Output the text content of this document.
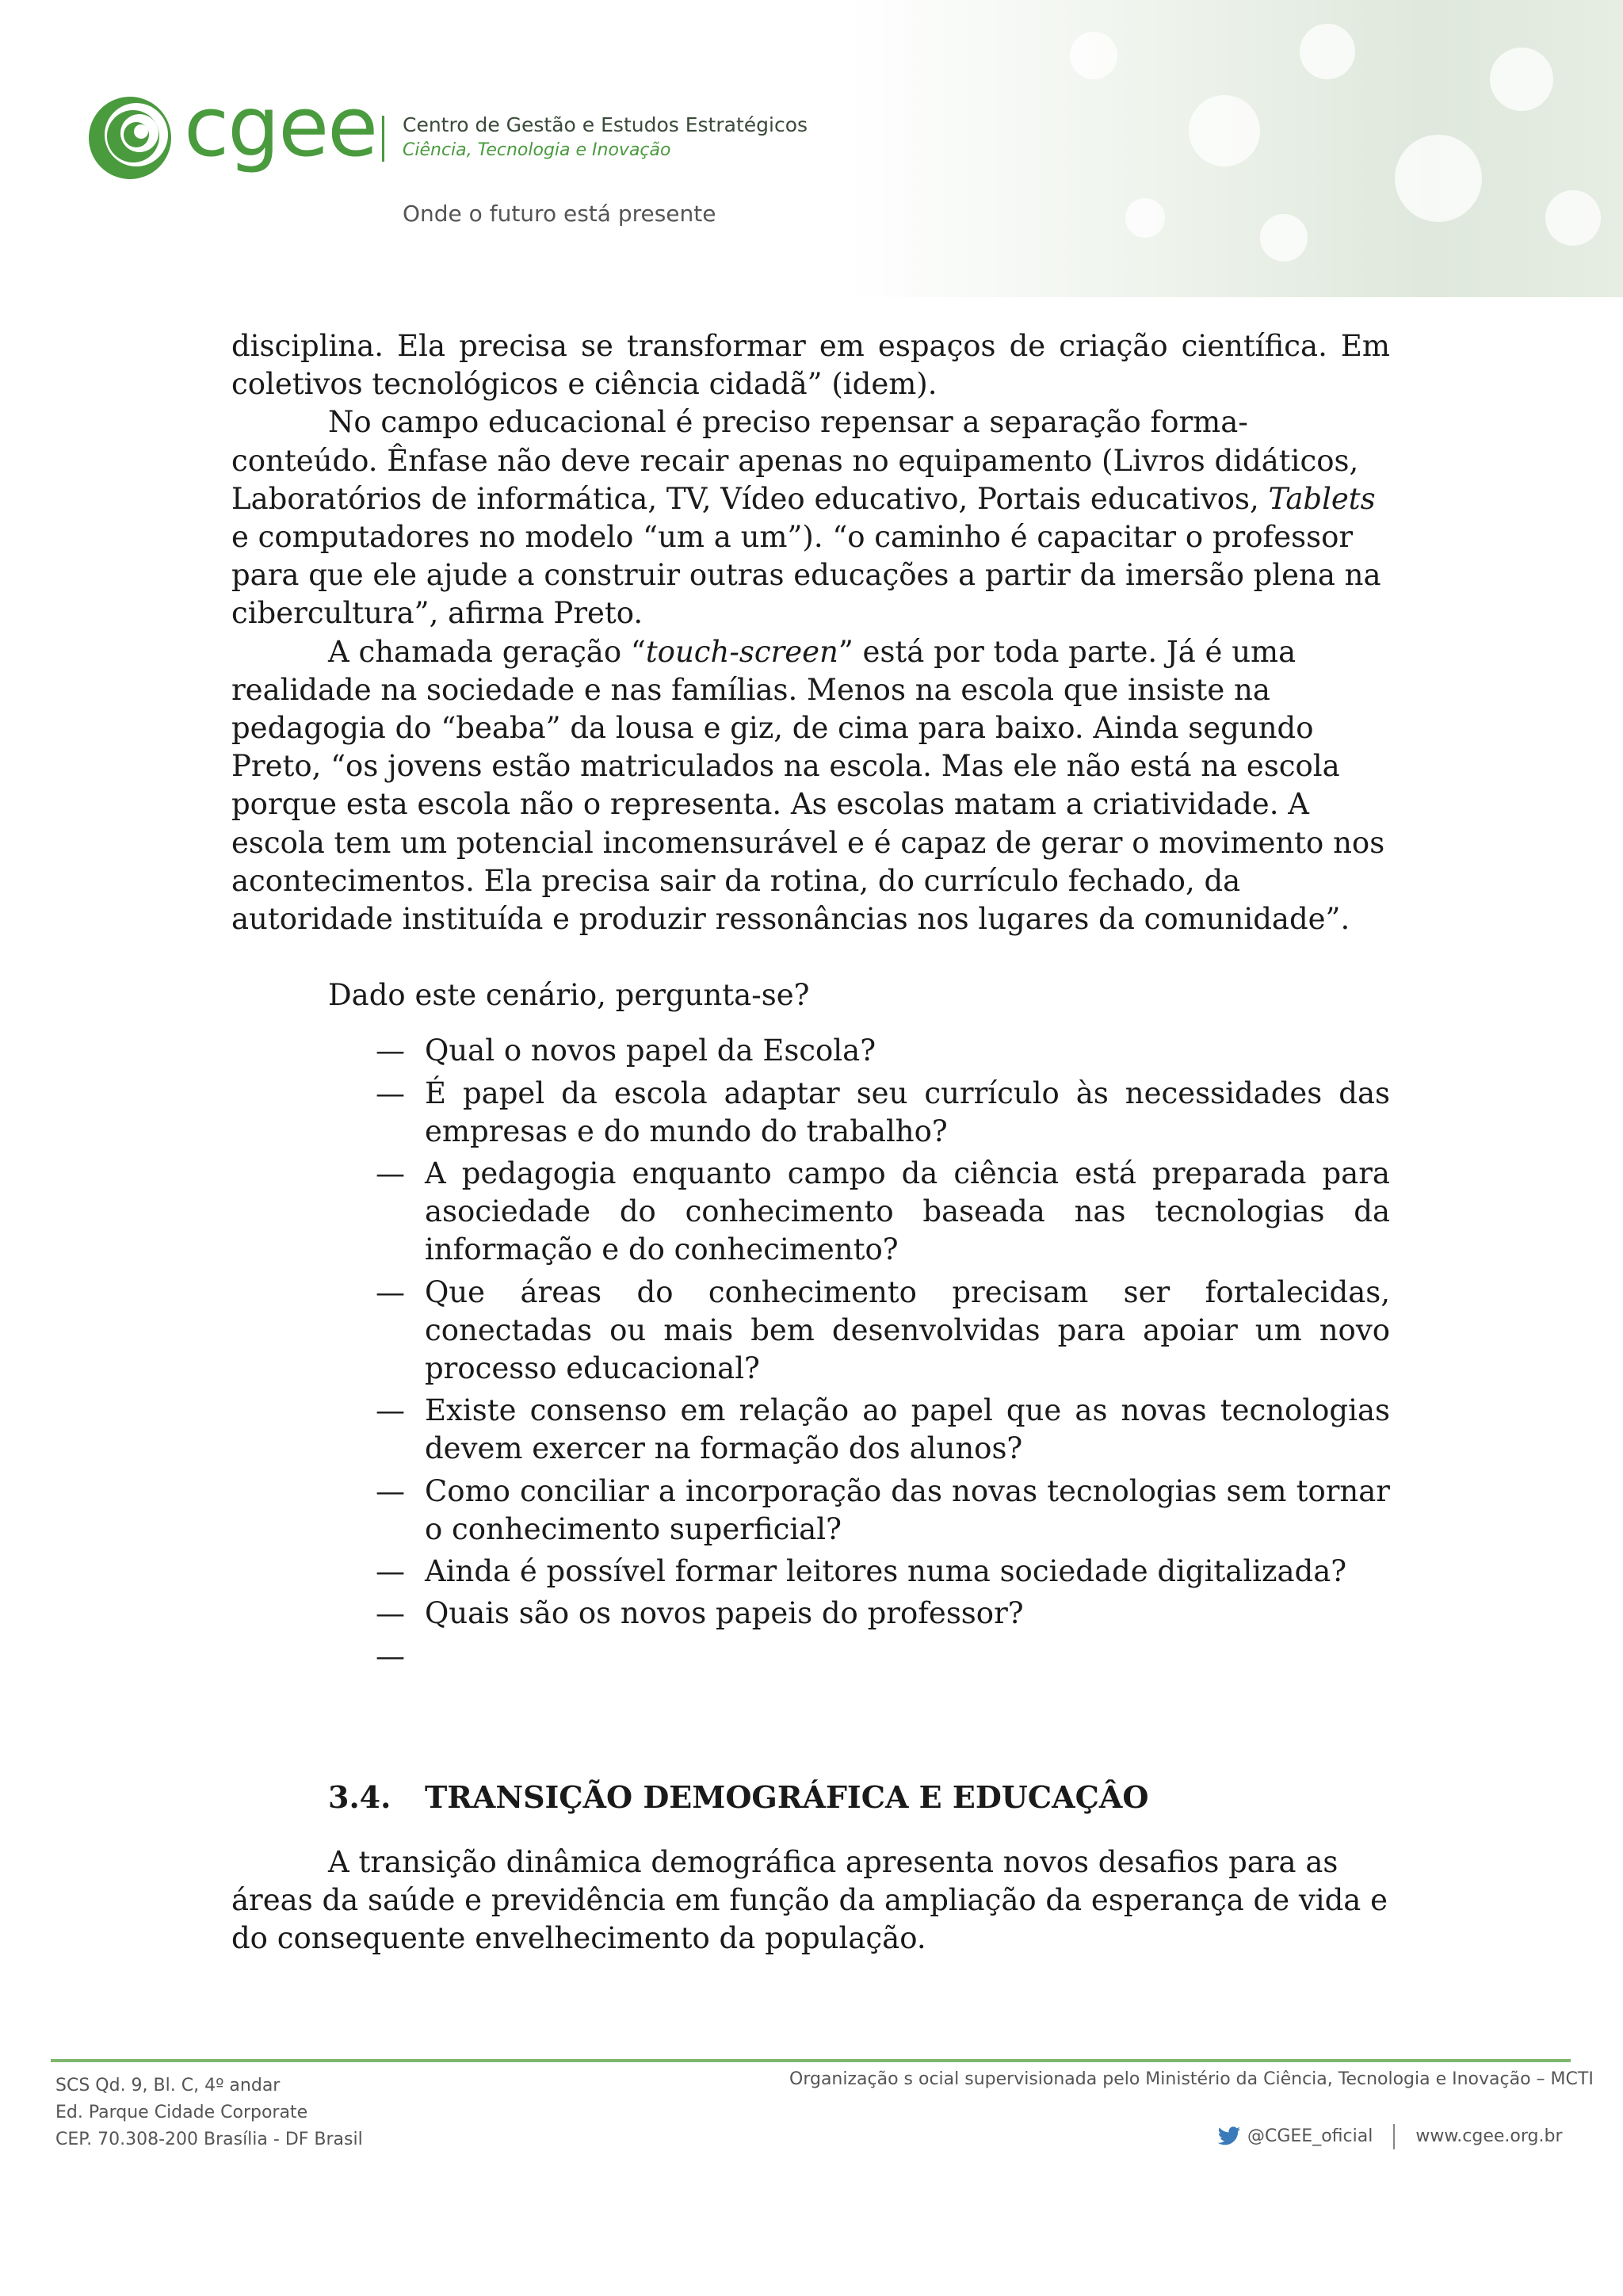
cgee Centro de Gestão e Estudos Estratégicos
Ciência, Tecnologia e Inovação
Onde o futuro está presente

disciplina. Ela precisa se transformar em espaços de criação científica. Em coletivos tecnológicos e ciência cidadã” (idem).

No campo educacional é preciso repensar a separação forma-conteúdo. Ênfase não deve recair apenas no equipamento (Livros didáticos, Laboratórios de informática, TV, Vídeo educativo, Portais educativos, Tablets e computadores no modelo “um a um”). “o caminho é capacitar o professor para que ele ajude a construir outras educações a partir da imersão plena na cibercultura”, afirma Preto.

A chamada geração “touch-screen” está por toda parte. Já é uma realidade na sociedade e nas famílias. Menos na escola que insiste na pedagogia do “beaba” da lousa e giz, de cima para baixo. Ainda segundo Preto, “os jovens estão matriculados na escola. Mas ele não está na escola porque esta escola não o representa. As escolas matam a criatividade. A escola tem um potencial incomensurável e é capaz de gerar o movimento nos acontecimentos. Ela precisa sair da rotina, do currículo fechado, da autoridade instituída e produzir ressonâncias nos lugares da comunidade”.

Dado este cenário, pergunta-se?

— Qual o novos papel da Escola?
— É papel da escola adaptar seu currículo às necessidades das empresas e do mundo do trabalho?
— A pedagogia enquanto campo da ciência está preparada para asociedade do conhecimento baseada nas tecnologias da informação e do conhecimento?
— Que áreas do conhecimento precisam ser fortalecidas, conectadas ou mais bem desenvolvidas para apoiar um novo processo educacional?
— Existe consenso em relação ao papel que as novas tecnologias devem exercer na formação dos alunos?
— Como conciliar a incorporação das novas tecnologias sem tornar o conhecimento superficial?
— Ainda é possível formar leitores numa sociedade digitalizada?
— Quais são os novos papeis do professor?
—
3.4. TRANSIÇÃO DEMOGRÁFICA E EDUCAÇÂO

A transição dinâmica demográfica apresenta novos desafios para as áreas da saúde e previdência em função da ampliação da esperança de vida e do consequente envelhecimento da população.

SCS Qd. 9, Bl. C, 4º andar
Ed. Parque Cidade Corporate
CEP. 70.308-200 Brasília - DF Brasil
Organização s ocial supervisionada pelo Ministério da Ciência, Tecnologia e Inovação – MCTI
@CGEE_oficial www.cgee.org.br
